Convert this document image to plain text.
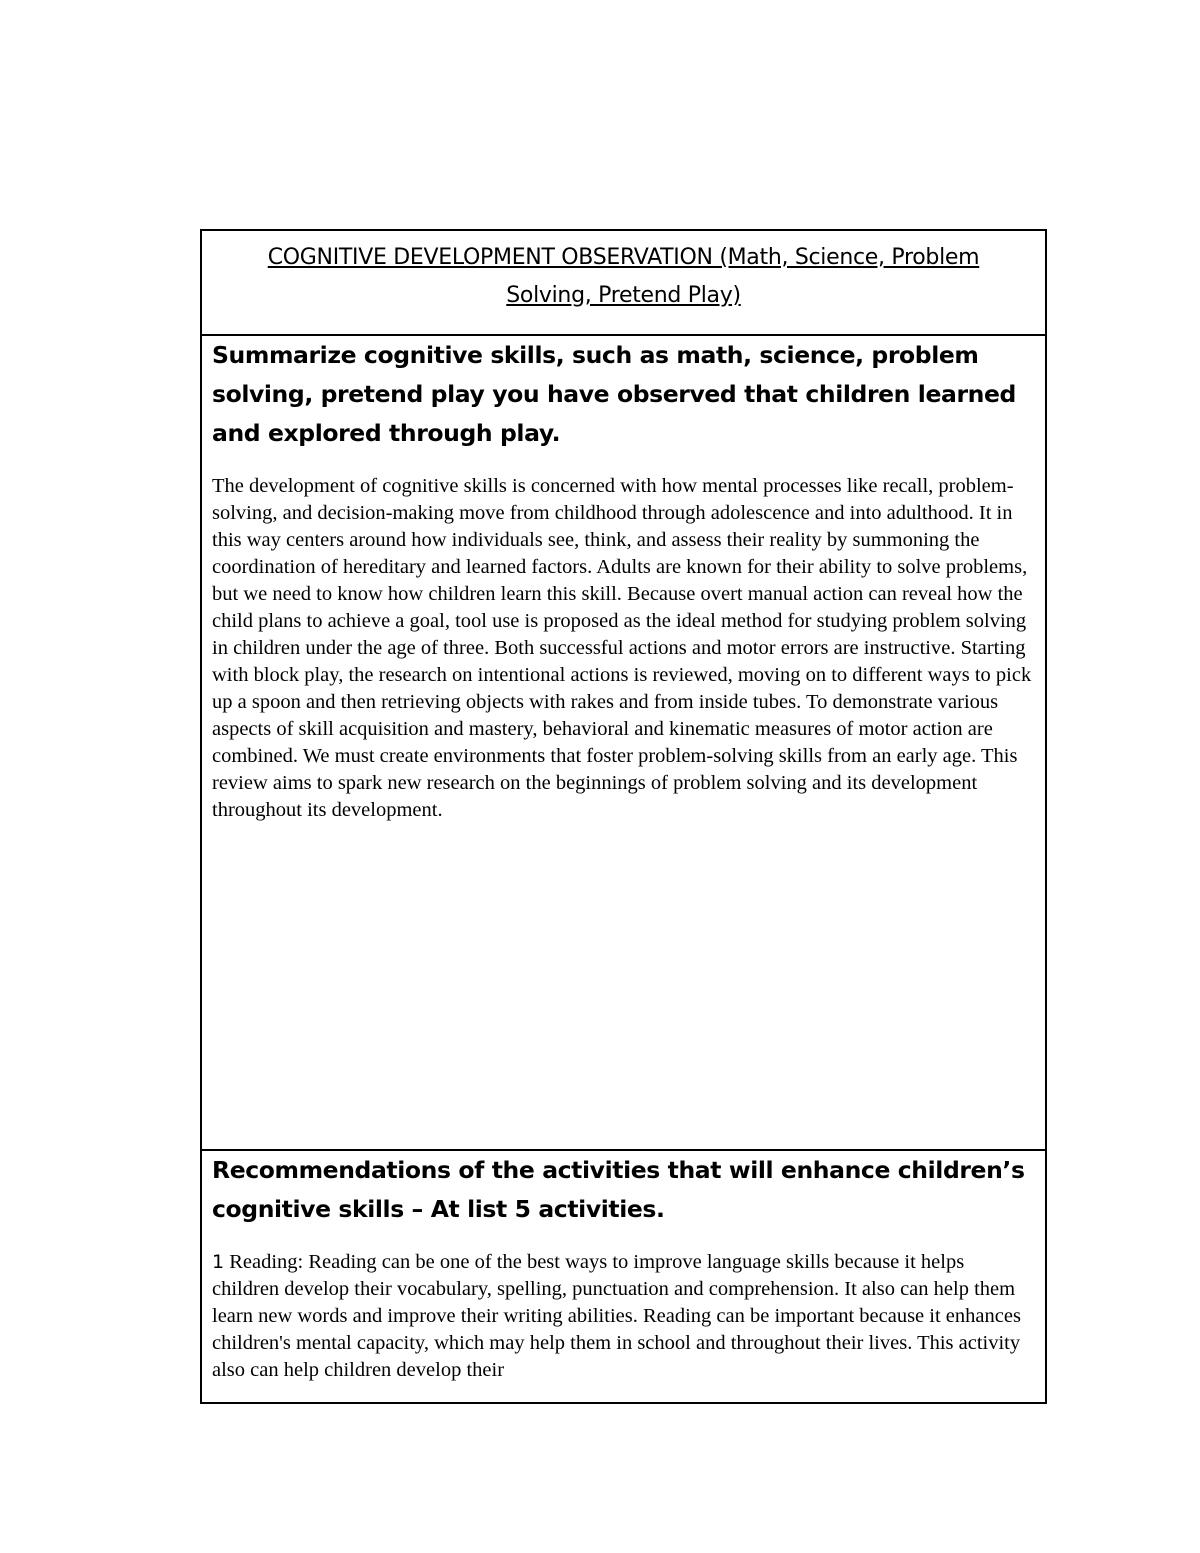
COGNITIVE DEVELOPMENT OBSERVATION (Math, Science, Problem Solving, Pretend Play)

Summarize cognitive skills, such as math, science, problem solving, pretend play you have observed that children learned and explored through play.

The development of cognitive skills is concerned with how mental processes like recall, problem-solving, and decision-making move from childhood through adolescence and into adulthood. It in this way centers around how individuals see, think, and assess their reality by summoning the coordination of hereditary and learned factors. Adults are known for their ability to solve problems, but we need to know how children learn this skill. Because overt manual action can reveal how the child plans to achieve a goal, tool use is proposed as the ideal method for studying problem solving in children under the age of three. Both successful actions and motor errors are instructive. Starting with block play, the research on intentional actions is reviewed, moving on to different ways to pick up a spoon and then retrieving objects with rakes and from inside tubes. To demonstrate various aspects of skill acquisition and mastery, behavioral and kinematic measures of motor action are combined. We must create environments that foster problem-solving skills from an early age. This review aims to spark new research on the beginnings of problem solving and its development throughout its development.

Recommendations of the activities that will enhance children’s cognitive skills – At list 5 activities.

1 Reading: Reading can be one of the best ways to improve language skills because it helps children develop their vocabulary, spelling, punctuation and comprehension. It also can help them learn new words and improve their writing abilities. Reading can be important because it enhances children's mental capacity, which may help them in school and throughout their lives. This activity also can help children develop their
